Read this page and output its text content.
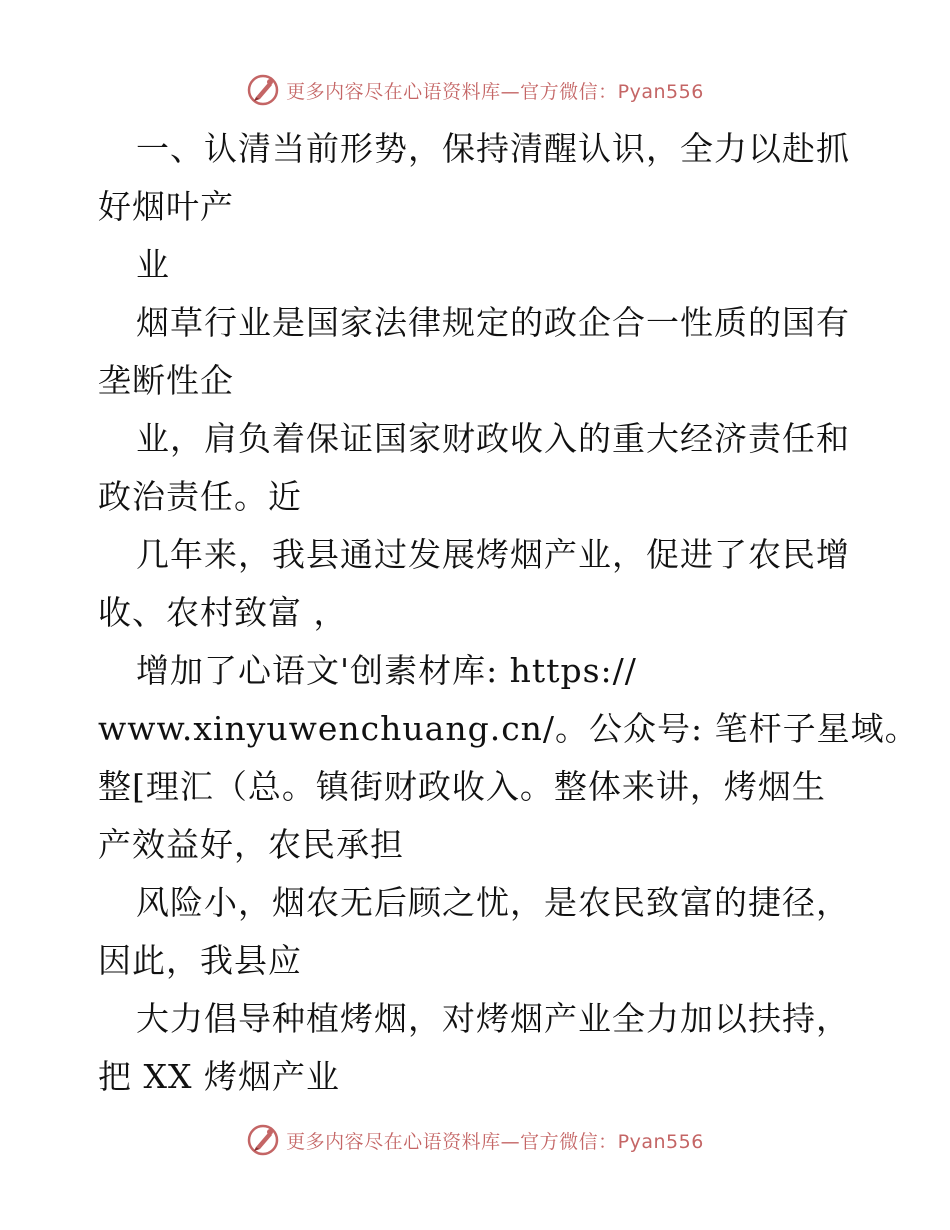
更多内容尽在心语资料库—官方微信：Pyan556
一、认清当前形势，保持清醒认识，全力以赴抓
好烟叶产
业
烟草行业是国家法律规定的政企合一性质的国有
垄断性企
业，肩负着保证国家财政收入的重大经济责任和
政治责任。近
几年来，我县通过发展烤烟产业，促进了农民增
收、农村致富 ，
增加了心语文'创素材库: https://
www.xinyuwenchuang.cn/。公众号: 笔杆子星域。
整[理汇（总。镇街财政收入。整体来讲，烤烟生
产效益好，农民承担
风险小，烟农无后顾之忧，是农民致富的捷径，
因此，我县应
大力倡导种植烤烟，对烤烟产业全力加以扶持，
把 XX 烤烟产业
更多内容尽在心语资料库—官方微信：Pyan556
